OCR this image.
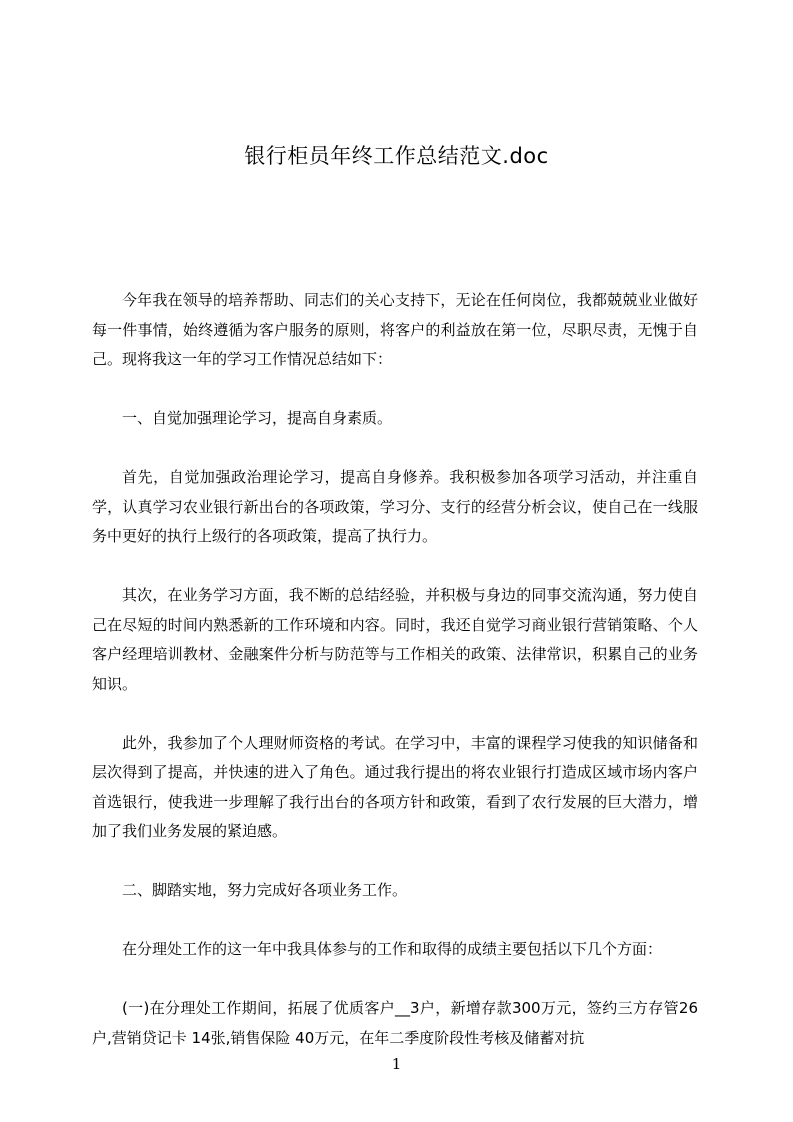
银行柜员年终工作总结范文.doc

今年我在领导的培养帮助、同志们的关心支持下，无论在任何岗位，我都兢兢业业做好每一件事情，始终遵循为客户服务的原则，将客户的利益放在第一位，尽职尽责，无愧于自己。现将我这一年的学习工作情况总结如下：

一、自觉加强理论学习，提高自身素质。

首先，自觉加强政治理论学习，提高自身修养。我积极参加各项学习活动，并注重自学，认真学习农业银行新出台的各项政策，学习分、支行的经营分析会议，使自己在一线服务中更好的执行上级行的各项政策，提高了执行力。

其次，在业务学习方面，我不断的总结经验，并积极与身边的同事交流沟通，努力使自己在尽短的时间内熟悉新的工作环境和内容。同时，我还自觉学习商业银行营销策略、个人客户经理培训教材、金融案件分析与防范等与工作相关的政策、法律常识，积累自己的业务知识。

此外，我参加了个人理财师资格的考试。在学习中，丰富的课程学习使我的知识储备和层次得到了提高，并快速的进入了角色。通过我行提出的将农业银行打造成区域市场内客户首选银行，使我进一步理解了我行出台的各项方针和政策，看到了农行发展的巨大潜力，增加了我们业务发展的紧迫感。

二、脚踏实地，努力完成好各项业务工作。

在分理处工作的这一年中我具体参与的工作和取得的成绩主要包括以下几个方面：

(一)在分理处工作期间，拓展了优质客户__3户，新增存款300万元，签约三方存管26户,营销贷记卡 14张,销售保险 40万元，在年二季度阶段性考核及储蓄对抗

1
